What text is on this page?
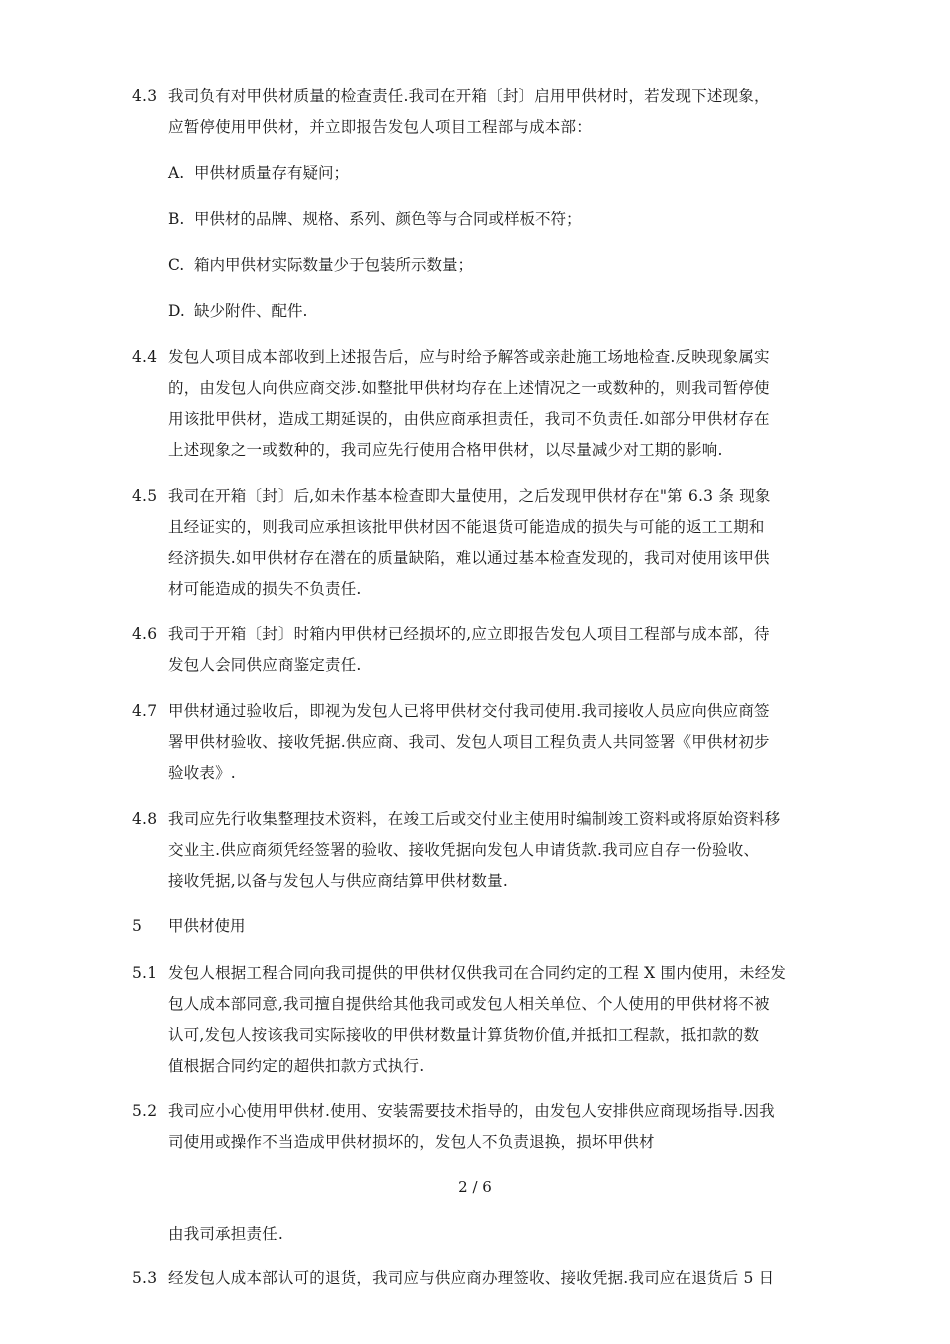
4.3 我司负有对甲供材质量的检查责任.我司在开箱〔封〕启用甲供材时，若发现下述现象，
应暂停使用甲供材，并立即报告发包人项目工程部与成本部：
A. 甲供材质量存有疑问；
B. 甲供材的品牌、规格、系列、颜色等与合同或样板不符；
C. 箱内甲供材实际数量少于包装所示数量；
D. 缺少附件、配件.
4.4 发包人项目成本部收到上述报告后，应与时给予解答或亲赴施工场地检查.反映现象属实
的，由发包人向供应商交涉.如整批甲供材均存在上述情况之一或数种的，则我司暂停使
用该批甲供材，造成工期延误的，由供应商承担责任，我司不负责任.如部分甲供材存在
上述现象之一或数种的，我司应先行使用合格甲供材，以尽量减少对工期的影响.
4.5 我司在开箱〔封〕后,如未作基本检查即大量使用，之后发现甲供材存在"第 6.3 条 现象
且经证实的，则我司应承担该批甲供材因不能退货可能造成的损失与可能的返工工期和
经济损失.如甲供材存在潜在的质量缺陷，难以通过基本检查发现的，我司对使用该甲供
材可能造成的损失不负责任.
4.6 我司于开箱〔封〕时箱内甲供材已经损坏的,应立即报告发包人项目工程部与成本部，待
发包人会同供应商鉴定责任.
4.7 甲供材通过验收后，即视为发包人已将甲供材交付我司使用.我司接收人员应向供应商签
署甲供材验收、接收凭据.供应商、我司、发包人项目工程负责人共同签署《甲供材初步
验收表》.
4.8 我司应先行收集整理技术资料，在竣工后或交付业主使用时编制竣工资料或将原始资料移
交业主.供应商须凭经签署的验收、接收凭据向发包人申请货款.我司应自存一份验收、
接收凭据,以备与发包人与供应商结算甲供材数量.
5 甲供材使用
5.1 发包人根据工程合同向我司提供的甲供材仅供我司在合同约定的工程 X 围内使用，未经发
包人成本部同意,我司擅自提供给其他我司或发包人相关单位、个人使用的甲供材将不被
认可,发包人按该我司实际接收的甲供材数量计算货物价值,并抵扣工程款，抵扣款的数
值根据合同约定的超供扣款方式执行.
5.2 我司应小心使用甲供材.使用、安装需要技术指导的，由发包人安排供应商现场指导.因我
司使用或操作不当造成甲供材损坏的，发包人不负责退换，损坏甲供材
2 / 6
由我司承担责任.
5.3 经发包人成本部认可的退货，我司应与供应商办理签收、接收凭据.我司应在退货后 5 日
